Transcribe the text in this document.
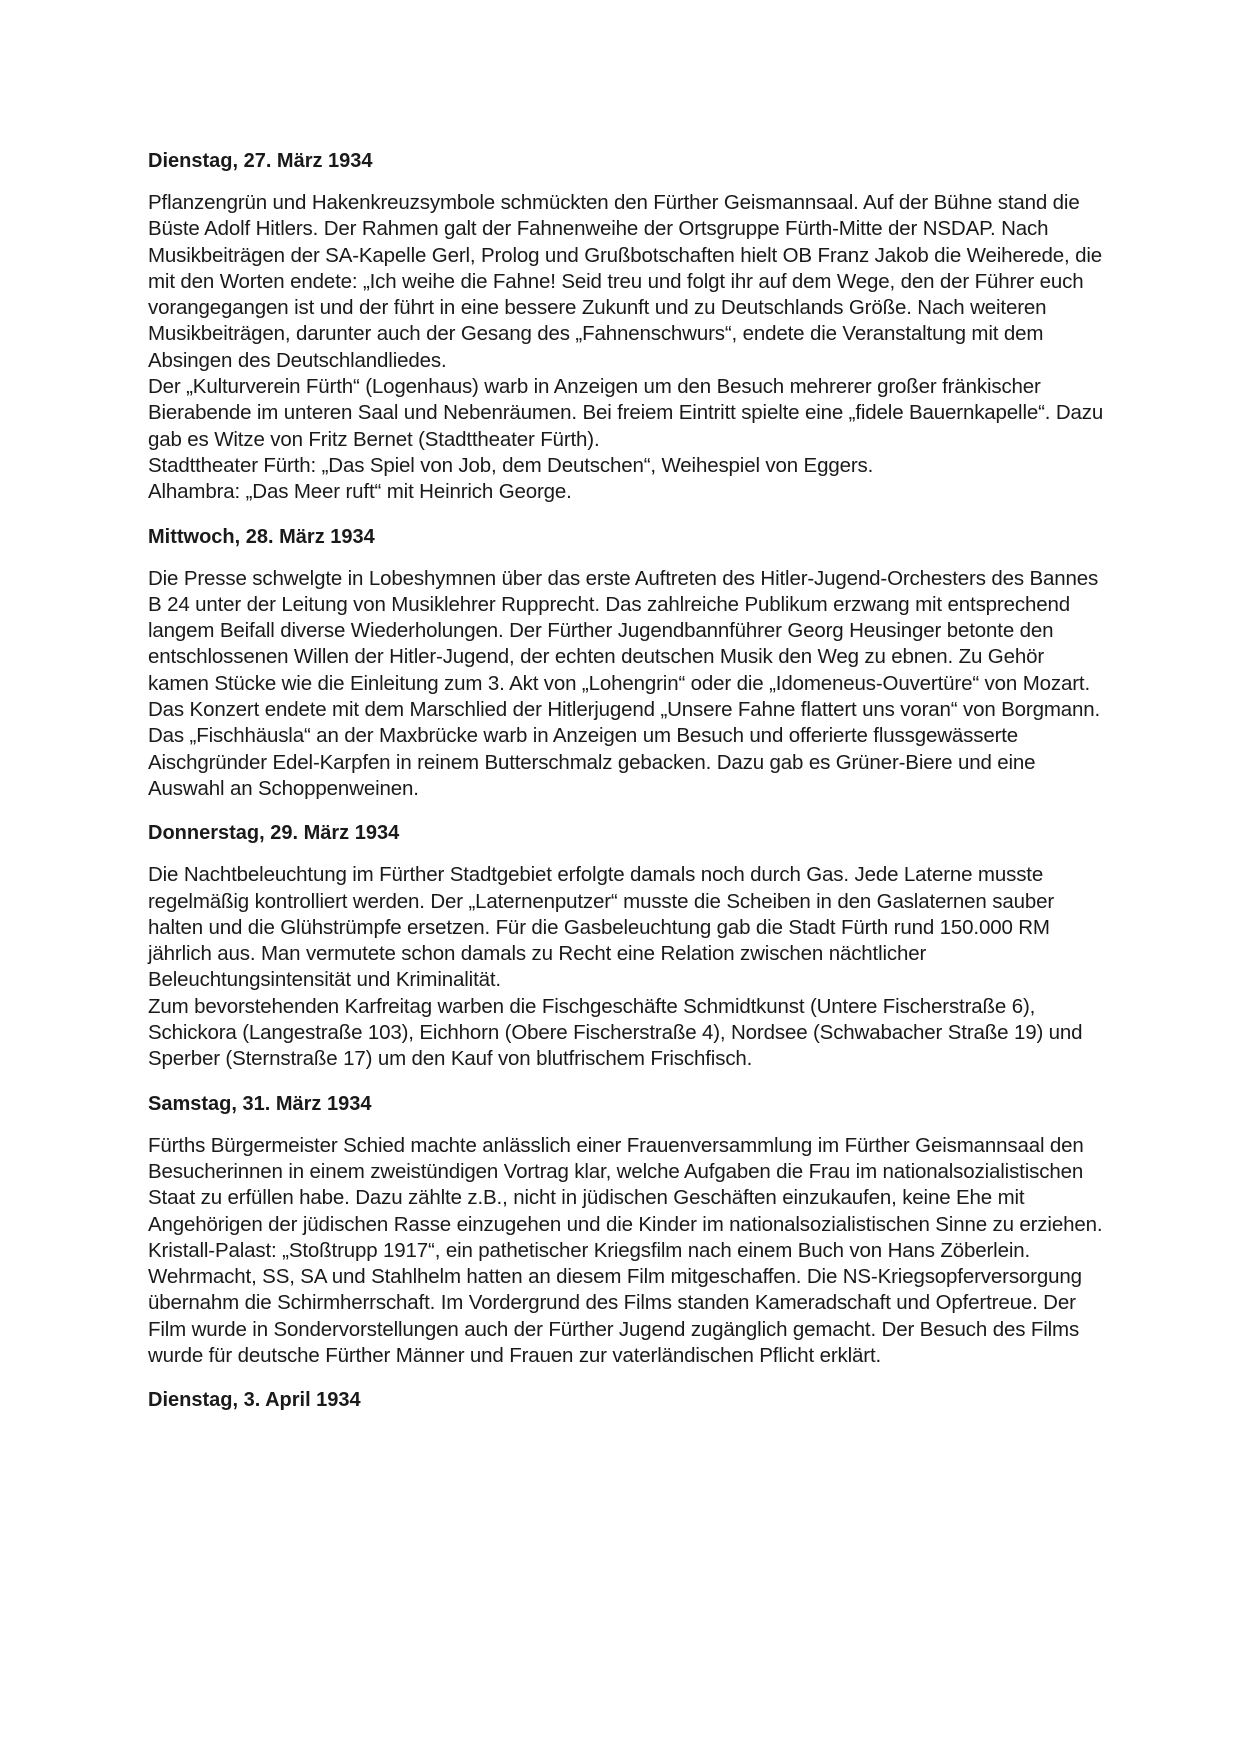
Dienstag, 27. März 1934

Pflanzengrün und Hakenkreuzsymbole schmückten den Fürther Geismannsaal. Auf der Bühne stand die Büste Adolf Hitlers. Der Rahmen galt der Fahnenweihe der Ortsgruppe Fürth-Mitte der NSDAP. Nach Musikbeiträgen der SA-Kapelle Gerl, Prolog und Grußbotschaften hielt OB Franz Jakob die Weiherede, die mit den Worten endete: „Ich weihe die Fahne! Seid treu und folgt ihr auf dem Wege, den der Führer euch vorangegangen ist und der führt in eine bessere Zukunft und zu Deutschlands Größe. Nach weiteren Musikbeiträgen, darunter auch der Gesang des „Fahnenschwurs“, endete die Veranstaltung mit dem Absingen des Deutschlandliedes.

Der „Kulturverein Fürth“ (Logenhaus) warb in Anzeigen um den Besuch mehrerer großer fränkischer Bierabende im unteren Saal und Nebenräumen. Bei freiem Eintritt spielte eine „fidele Bauernkapelle“. Dazu gab es Witze von Fritz Bernet (Stadttheater Fürth).

Stadttheater Fürth: „Das Spiel von Job, dem Deutschen“, Weihespiel von Eggers.

Alhambra: „Das Meer ruft“ mit Heinrich George.

Mittwoch, 28. März 1934

Die Presse schwelgte in Lobeshymnen über das erste Auftreten des Hitler-Jugend-Orchesters des Bannes B 24 unter der Leitung von Musiklehrer Rupprecht. Das zahlreiche Publikum erzwang mit entsprechend langem Beifall diverse Wiederholungen. Der Fürther Jugendbannführer Georg Heusinger betonte den entschlossenen Willen der Hitler-Jugend, der echten deutschen Musik den Weg zu ebnen. Zu Gehör kamen Stücke wie die Einleitung zum 3. Akt von „Lohengrin“ oder die „Idomeneus-Ouvertüre“ von Mozart. Das Konzert endete mit dem Marschlied der Hitlerjugend „Unsere Fahne flattert uns voran“ von Borgmann.

Das „Fischhäusla“ an der Maxbrücke warb in Anzeigen um Besuch und offerierte flussgewässerte Aischgründer Edel-Karpfen in reinem Butterschmalz gebacken. Dazu gab es Grüner-Biere und eine Auswahl an Schoppenweinen.

Donnerstag, 29. März 1934

Die Nachtbeleuchtung im Fürther Stadtgebiet erfolgte damals noch durch Gas. Jede Laterne musste regelmäßig kontrolliert werden. Der „Laternenputzer“ musste die Scheiben in den Gaslaternen sauber halten und die Glühstrümpfe ersetzen. Für die Gasbeleuchtung gab die Stadt Fürth rund 150.000 RM jährlich aus. Man vermutete schon damals zu Recht eine Relation zwischen nächtlicher Beleuchtungsintensität und Kriminalität.

Zum bevorstehenden Karfreitag warben die Fischgeschäfte Schmidtkunst (Untere Fischerstraße 6), Schickora (Langestraße 103), Eichhorn (Obere Fischerstraße 4), Nordsee (Schwabacher Straße 19) und Sperber (Sternstraße 17) um den Kauf von blutfrischem Frischfisch.

Samstag, 31. März 1934

Fürths Bürgermeister Schied machte anlässlich einer Frauenversammlung im Fürther Geismannsaal den Besucherinnen in einem zweistündigen Vortrag klar, welche Aufgaben die Frau im nationalsozialistischen Staat zu erfüllen habe. Dazu zählte z.B., nicht in jüdischen Geschäften einzukaufen, keine Ehe mit Angehörigen der jüdischen Rasse einzugehen und die Kinder im nationalsozialistischen Sinne zu erziehen.

Kristall-Palast: „Stoßtrupp 1917“, ein pathetischer Kriegsfilm nach einem Buch von Hans Zöberlein. Wehrmacht, SS, SA und Stahlhelm hatten an diesem Film mitgeschaffen. Die NS-Kriegsopferversorgung übernahm die Schirmherrschaft. Im Vordergrund des Films standen Kameradschaft und Opfertreue. Der Film wurde in Sondervorstellungen auch der Fürther Jugend zugänglich gemacht. Der Besuch des Films wurde für deutsche Fürther Männer und Frauen zur vaterländischen Pflicht erklärt.

Dienstag, 3. April 1934
